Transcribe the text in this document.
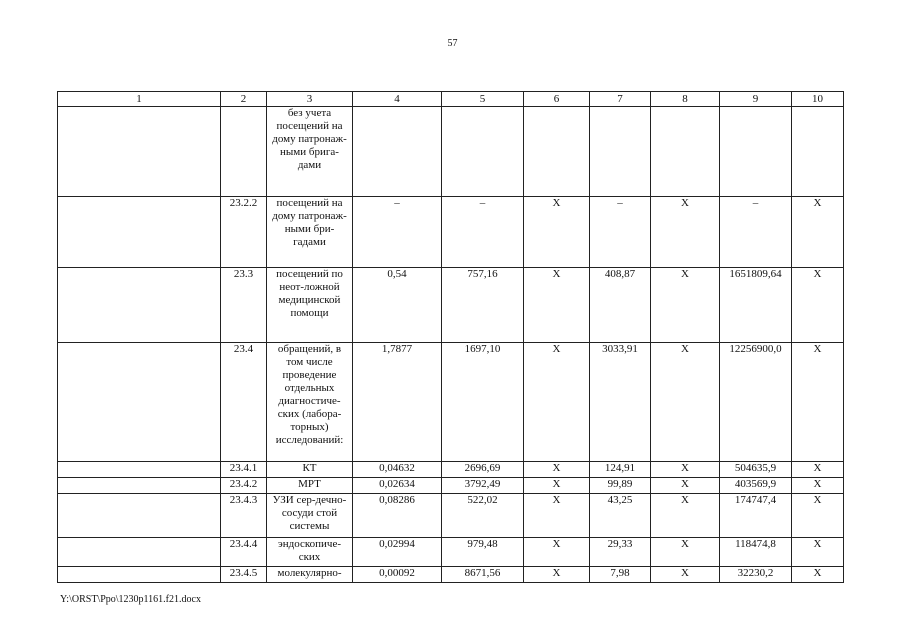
57
1	2	3	4	5	6	7	8	9	10
		без учета посещений на дому патронаж-ными брига-дами							
	23.2.2	посещений на дому патронаж-ными бри-гадами	–	–	Х	–	Х	–	Х
	23.3	посещений по неот-ложной медицинской помощи	0,54	757,16	Х	408,87	Х	1651809,64	Х
	23.4	обращений, в том числе проведение отдельных диагностиче-ских (лабора-торных) исследований:	1,7877	1697,10	Х	3033,91	Х	12256900,0	Х
	23.4.1	КТ	0,04632	2696,69	Х	124,91	Х	504635,9	Х
	23.4.2	МРТ	0,02634	3792,49	Х	99,89	Х	403569,9	Х
	23.4.3	УЗИ сер-дечно-сосуди стой системы	0,08286	522,02	Х	43,25	Х	174747,4	Х
	23.4.4	эндоскопиче-ских	0,02994	979,48	Х	29,33	Х	118474,8	Х
	23.4.5	молекулярно-	0,00092	8671,56	Х	7,98	Х	32230,2	Х
Y:\ORST\Ppo\1230p1161.f21.docx
